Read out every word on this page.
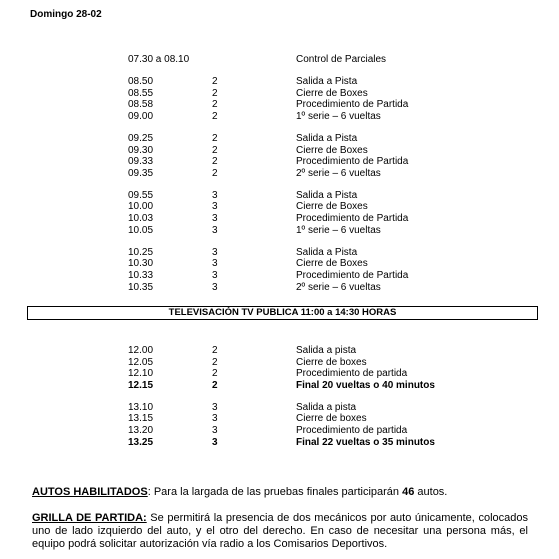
Domingo 28-02
07.30 a 08.10	Control de Parciales
08.50	2	Salida a Pista
08.55	2	Cierre de Boxes
08.58	2	Procedimiento de Partida
09.00	2	1º serie – 6 vueltas
09.25	2	Salida a Pista
09.30	2	Cierre de Boxes
09.33	2	Procedimiento de Partida
09.35	2	2º serie – 6 vueltas
09.55	3	Salida a Pista
10.00	3	Cierre de Boxes
10.03	3	Procedimiento de Partida
10.05	3	1º serie – 6 vueltas
10.25	3	Salida a Pista
10.30	3	Cierre de Boxes
10.33	3	Procedimiento de Partida
10.35	3	2º serie – 6 vueltas
TELEVISACIÓN TV PUBLICA 11:00 a 14:30 HORAS
12.00	2	Salida a pista
12.05	2	Cierre de boxes
12.10	2	Procedimiento de partida
12.15	2	Final 20 vueltas o 40 minutos
13.10	3	Salida a pista
13.15	3	Cierre de boxes
13.20	3	Procedimiento de partida
13.25	3	Final 22 vueltas o 35 minutos

AUTOS HABILITADOS: Para la largada de las pruebas finales participarán 46 autos.

GRILLA DE PARTIDA: Se permitirá la presencia de dos mecánicos por auto únicamente, colocados uno de lado izquierdo del auto, y el otro del derecho. En caso de necesitar una persona más, el equipo podrá solicitar autorización vía radio a los Comisarios Deportivos.
